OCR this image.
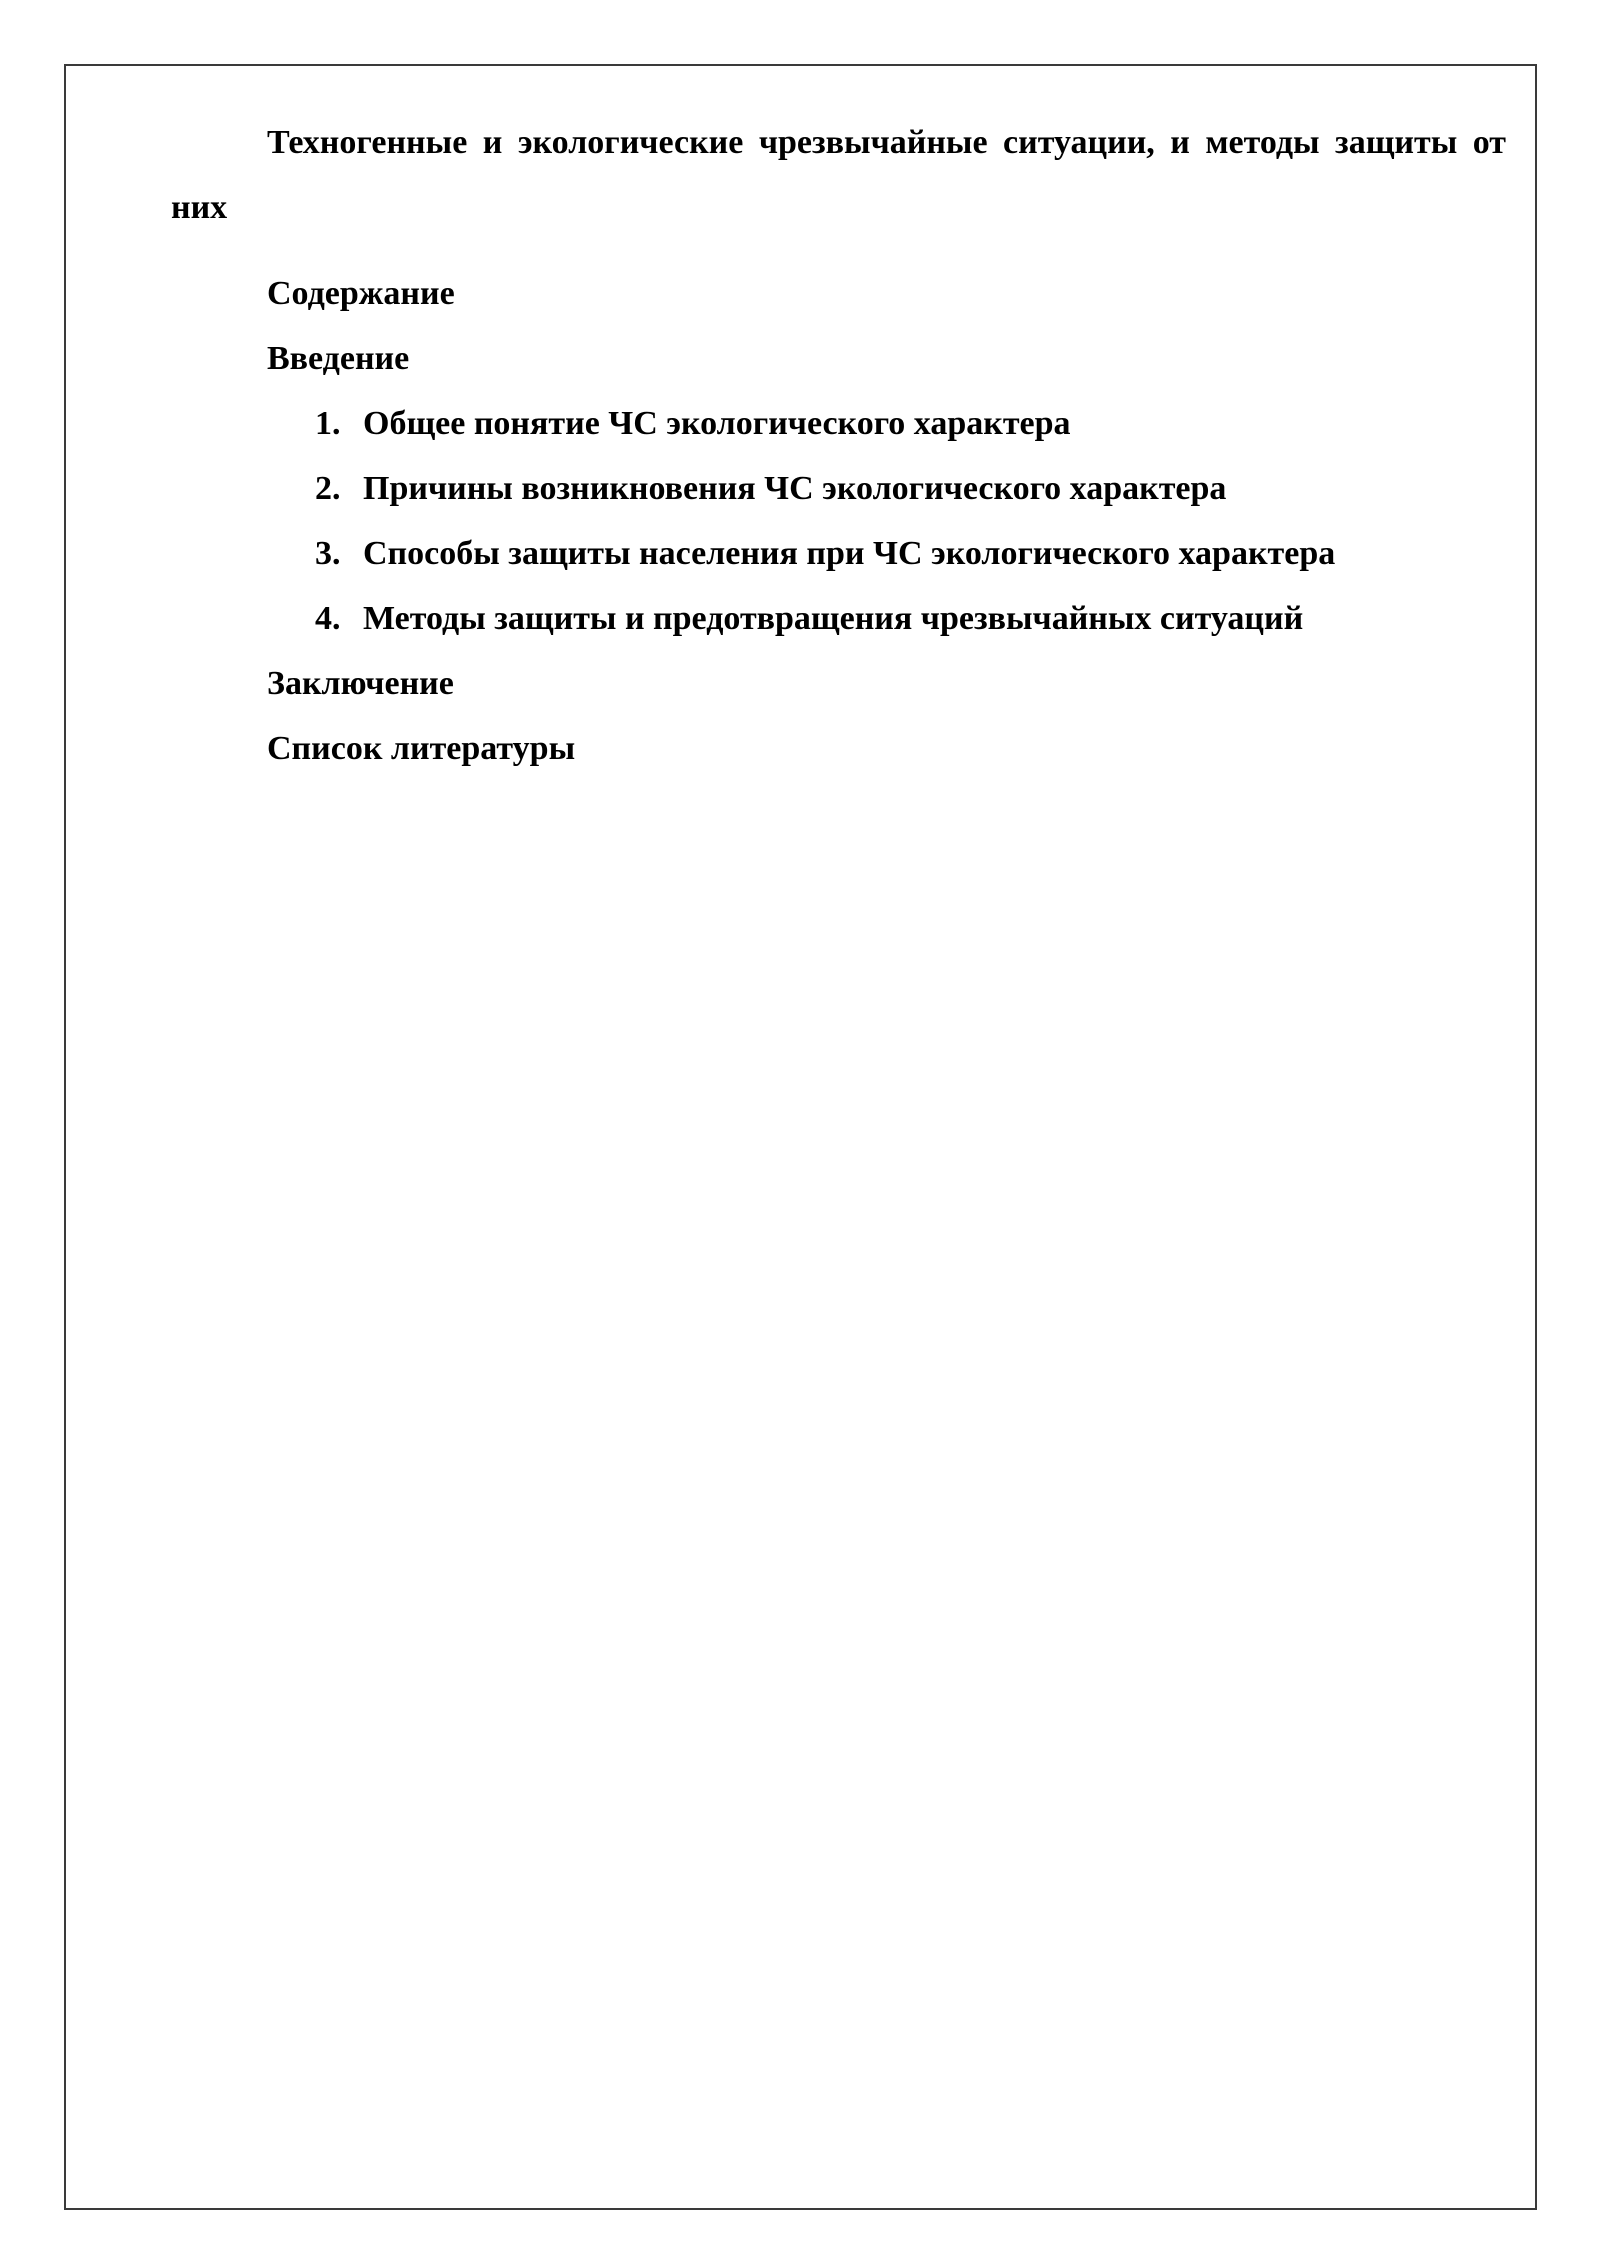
Техногенные и экологические чрезвычайные ситуации, и методы защиты от них

Содержание
Введение
1. Общее понятие ЧС экологического характера
2. Причины возникновения ЧС экологического характера
3. Способы защиты населения при ЧС экологического характера
4. Методы защиты и предотвращения чрезвычайных ситуаций
Заключение
Список литературы
